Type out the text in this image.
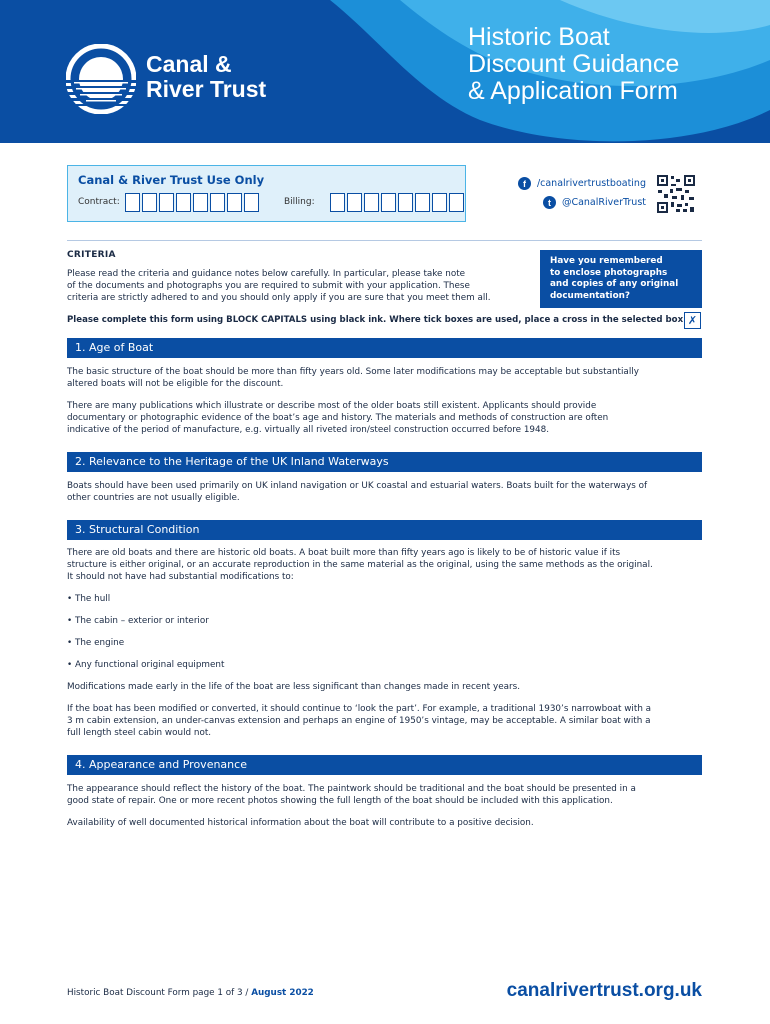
Canal &
River Trust
Historic Boat
Discount Guidance
& Application Form
Canal & River Trust Use Only
Contract:	Billing:
f	/canalrivertrustboating
t	@CanalRiverTrust
CRITERIA
Please read the criteria and guidance notes below carefully. In particular, please take note
of the documents and photographs you are required to submit with your application. These
criteria are strictly adhered to and you should only apply if you are sure that you meet them all.
Have you remembered
to enclose photographs
and copies of any original
documentation?
Please complete this form using BLOCK CAPITALS using black ink. Where tick boxes are used, place a cross in the selected box ✗
1. Age of Boat
The basic structure of the boat should be more than fifty years old. Some later modifications may be acceptable but substantially
altered boats will not be eligible for the discount.
There are many publications which illustrate or describe most of the older boats still existent. Applicants should provide
documentary or photographic evidence of the boat’s age and history. The materials and methods of construction are often
indicative of the period of manufacture, e.g. virtually all riveted iron/steel construction occurred before 1948.
2. Relevance to the Heritage of the UK Inland Waterways
Boats should have been used primarily on UK inland navigation or UK coastal and estuarial waters. Boats built for the waterways of
other countries are not usually eligible.
3. Structural Condition
There are old boats and there are historic old boats. A boat built more than fifty years ago is likely to be of historic value if its
structure is either original, or an accurate reproduction in the same material as the original, using the same methods as the original.
It should not have had substantial modifications to:
• The hull
• The cabin – exterior or interior
• The engine
• Any functional original equipment
Modifications made early in the life of the boat are less significant than changes made in recent years.
If the boat has been modified or converted, it should continue to ‘look the part’. For example, a traditional 1930’s narrowboat with a
3 m cabin extension, an under-canvas extension and perhaps an engine of 1950’s vintage, may be acceptable. A similar boat with a
full length steel cabin would not.
4. Appearance and Provenance
The appearance should reflect the history of the boat. The paintwork should be traditional and the boat should be presented in a
good state of repair. One or more recent photos showing the full length of the boat should be included with this application.
Availability of well documented historical information about the boat will contribute to a positive decision.
Historic Boat Discount Form page 1 of 3 / August 2022	canalrivertrust.org.uk
